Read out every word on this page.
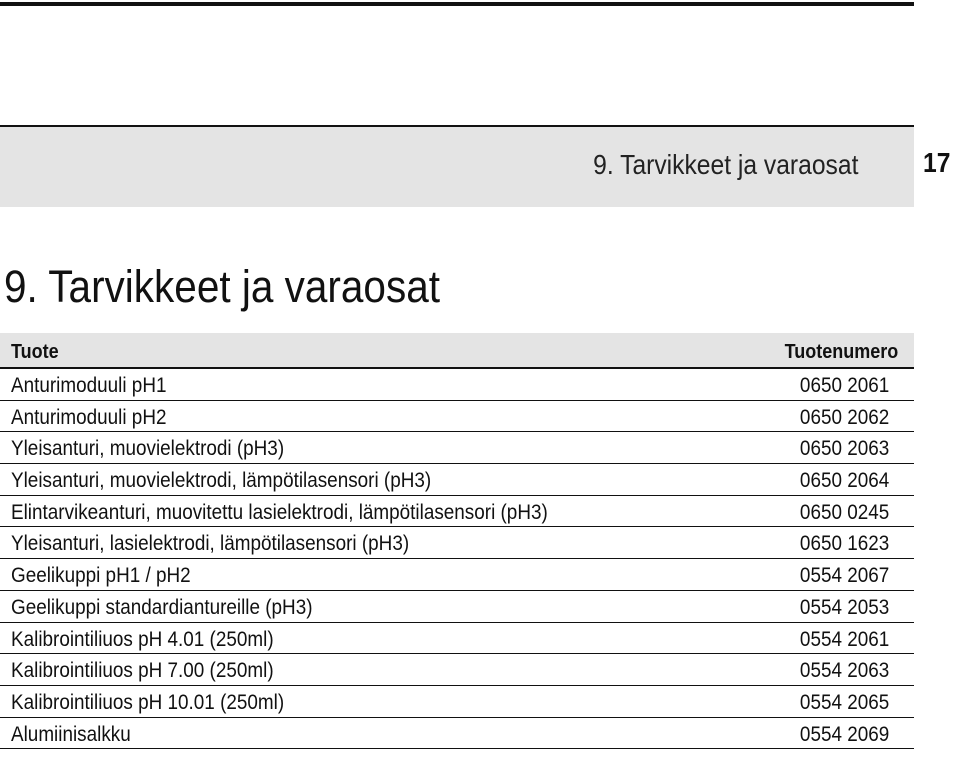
9. Tarvikkeet ja varaosat 17
9. Tarvikkeet ja varaosat
Tuote	Tuotenumero
Anturimoduuli pH1	0650 2061
Anturimoduuli pH2	0650 2062
Yleisanturi, muovielektrodi (pH3)	0650 2063
Yleisanturi, muovielektrodi, lämpötilasensori (pH3)	0650 2064
Elintarvikeanturi, muovitettu lasielektrodi, lämpötilasensori (pH3)	0650 0245
Yleisanturi, lasielektrodi, lämpötilasensori (pH3)	0650 1623
Geelikuppi pH1 / pH2	0554 2067
Geelikuppi standardiantureille (pH3)	0554 2053
Kalibrointiliuos pH 4.01 (250ml)	0554 2061
Kalibrointiliuos pH 7.00 (250ml)	0554 2063
Kalibrointiliuos pH 10.01 (250ml)	0554 2065
Alumiinisalkku	0554 2069
